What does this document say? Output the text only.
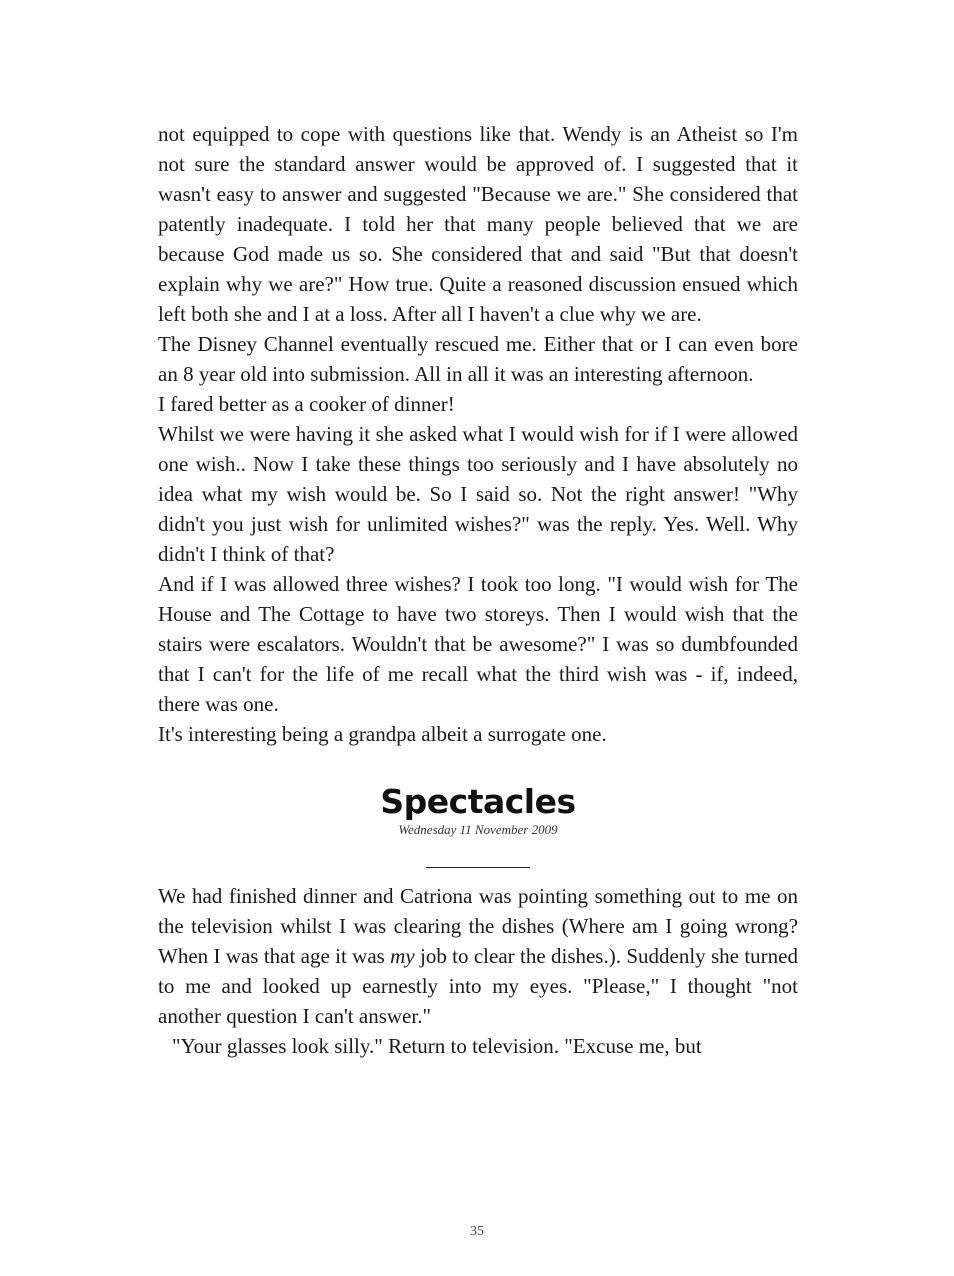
not equipped to cope with questions like that. Wendy is an Atheist so I'm not sure the standard answer would be approved of. I suggested that it wasn't easy to answer and suggested "Because we are." She considered that patently inadequate. I told her that many people believed that we are because God made us so. She considered that and said "But that doesn't explain why we are?" How true. Quite a reasoned discussion ensued which left both she and I at a loss. After all I haven't a clue why we are.

The Disney Channel eventually rescued me. Either that or I can even bore an 8 year old into submission. All in all it was an interesting afternoon.

I fared better as a cooker of dinner!

Whilst we were having it she asked what I would wish for if I were allowed one wish.. Now I take these things too seriously and I have absolutely no idea what my wish would be. So I said so. Not the right answer! "Why didn't you just wish for unlimited wishes?" was the reply. Yes. Well. Why didn't I think of that?

And if I was allowed three wishes? I took too long. "I would wish for The House and The Cottage to have two storeys. Then I would wish that the stairs were escalators. Wouldn't that be awesome?" I was so dumbfounded that I can't for the life of me recall what the third wish was - if, indeed, there was one.

It's interesting being a grandpa albeit a surrogate one.

Spectacles

Wednesday 11 November 2009

We had finished dinner and Catriona was pointing something out to me on the television whilst I was clearing the dishes (Where am I going wrong? When I was that age it was my job to clear the dishes.). Suddenly she turned to me and looked up earnestly into my eyes. "Please," I thought "not another question I can't answer."

"Your glasses look silly." Return to television. "Excuse me, but

35
